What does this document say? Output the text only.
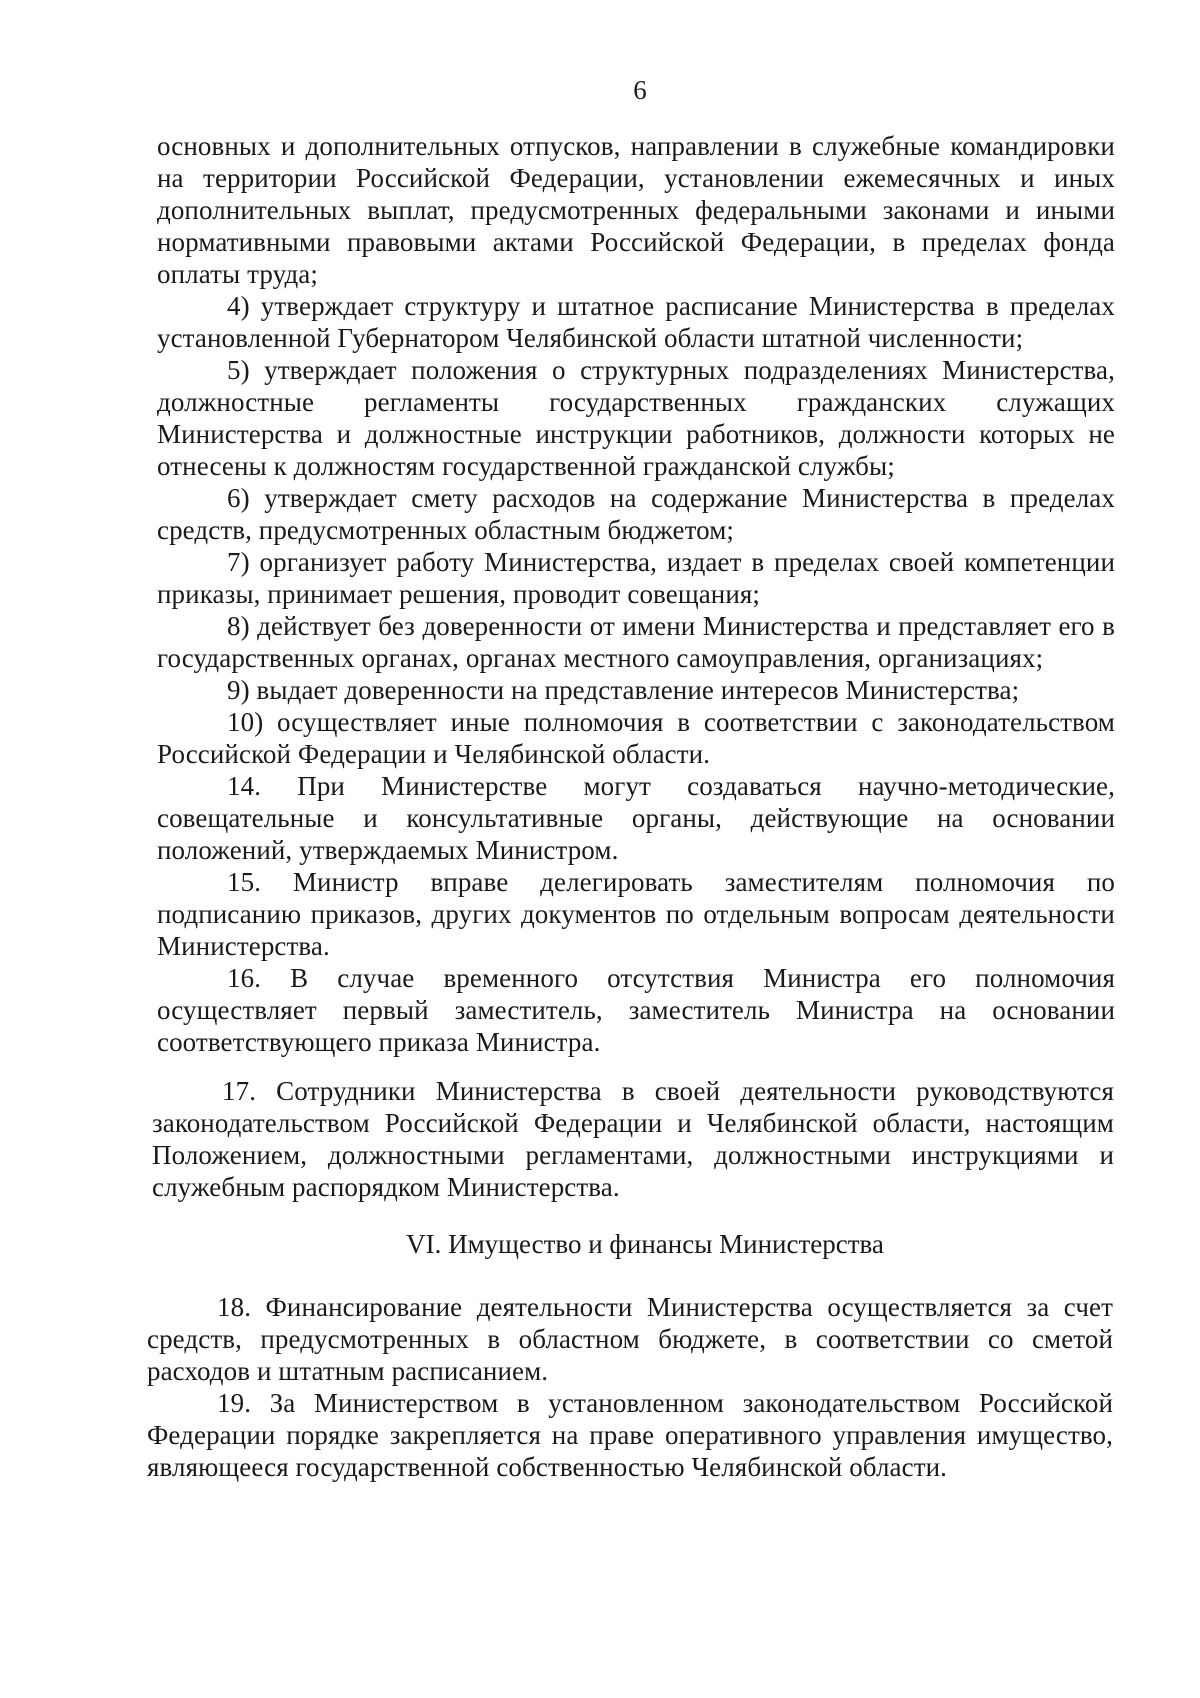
6

основных и дополнительных отпусков, направлении в служебные командировки на территории Российской Федерации, установлении ежемесячных и иных дополнительных выплат, предусмотренных федеральными законами и иными нормативными правовыми актами Российской Федерации, в пределах фонда оплаты труда;

4) утверждает структуру и штатное расписание Министерства в пределах установленной Губернатором Челябинской области штатной численности;

5) утверждает положения о структурных подразделениях Министерства, должностные регламенты государственных гражданских служащих Министерства и должностные инструкции работников, должности которых не отнесены к должностям государственной гражданской службы;

6) утверждает смету расходов на содержание Министерства в пределах средств, предусмотренных областным бюджетом;

7) организует работу Министерства, издает в пределах своей компетенции приказы, принимает решения, проводит совещания;

8) действует без доверенности от имени Министерства и представляет его в государственных органах, органах местного самоуправления, организациях;

9) выдает доверенности на представление интересов Министерства;

10) осуществляет иные полномочия в соответствии с законодательством Российской Федерации и Челябинской области.

14. При Министерстве могут создаваться научно-методические, совещательные и консультативные органы, действующие на основании положений, утверждаемых Министром.

15. Министр вправе делегировать заместителям полномочия по подписанию приказов, других документов по отдельным вопросам деятельности Министерства.

16. В случае временного отсутствия Министра его полномочия осуществляет первый заместитель, заместитель Министра на основании соответствующего приказа Министра.

17. Сотрудники Министерства в своей деятельности руководствуются законодательством Российской Федерации и Челябинской области, настоящим Положением, должностными регламентами, должностными инструкциями и служебным распорядком Министерства.

VI. Имущество и финансы Министерства

18. Финансирование деятельности Министерства осуществляется за счет средств, предусмотренных в областном бюджете, в соответствии со сметой расходов и штатным расписанием.

19. За Министерством в установленном законодательством Российской Федерации порядке закрепляется на праве оперативного управления имущество, являющееся государственной собственностью Челябинской области.
